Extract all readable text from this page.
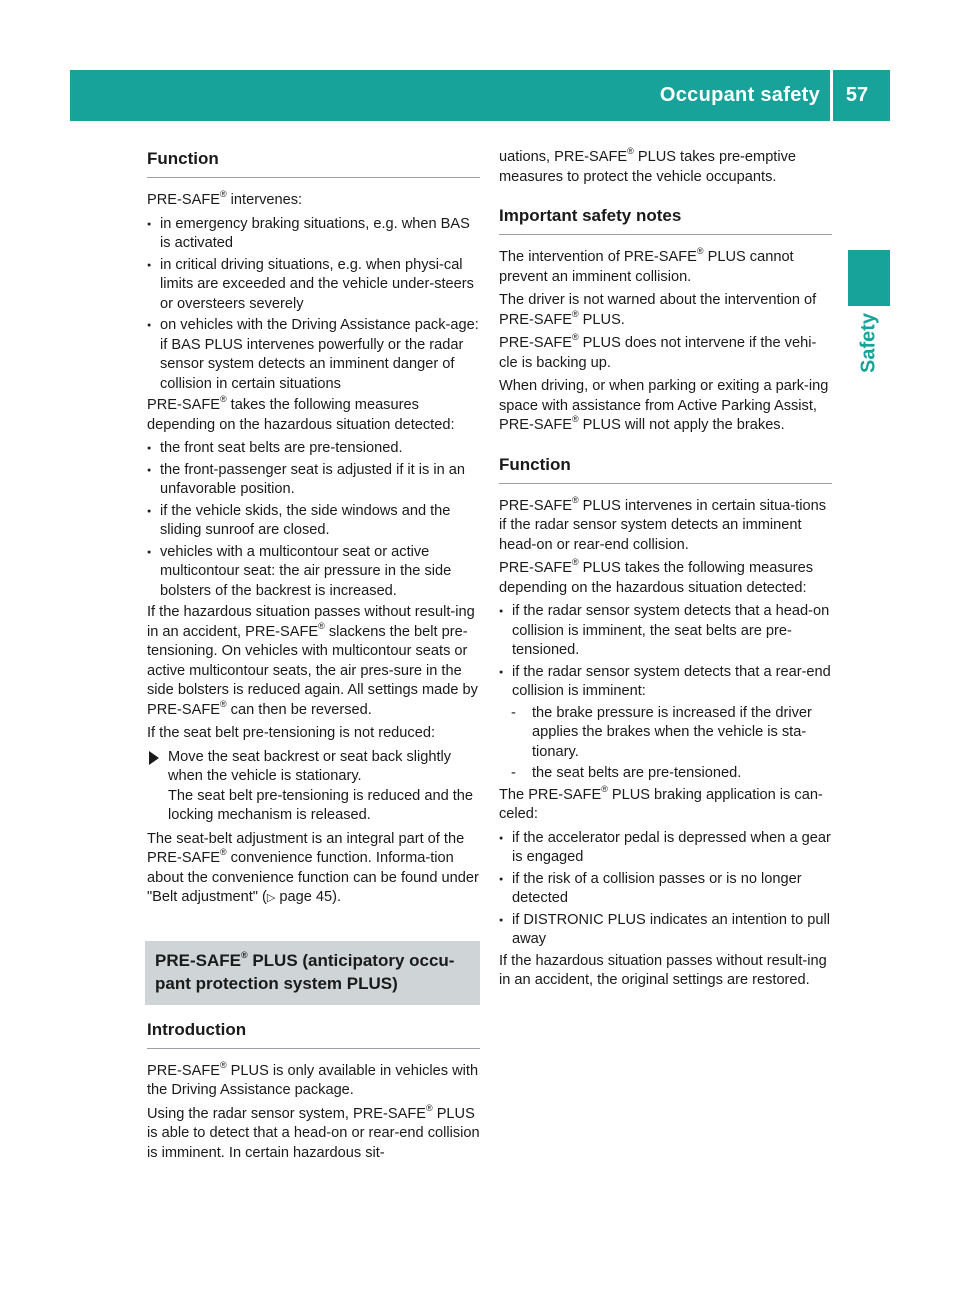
Occupant safety	57
Safety
Function

PRE-SAFE® intervenes:

● in emergency braking situations, e.g. when BAS is activated
● in critical driving situations, e.g. when physi-cal limits are exceeded and the vehicle under-steers or oversteers severely
● on vehicles with the Driving Assistance pack-age: if BAS PLUS intervenes powerfully or the radar sensor system detects an imminent danger of collision in certain situations

PRE-SAFE® takes the following measures depending on the hazardous situation detected:

● the front seat belts are pre-tensioned.
● the front-passenger seat is adjusted if it is in an unfavorable position.
● if the vehicle skids, the side windows and the sliding sunroof are closed.
● vehicles with a multicontour seat or active multicontour seat: the air pressure in the side bolsters of the backrest is increased.

If the hazardous situation passes without result-ing in an accident, PRE-SAFE® slackens the belt pre-tensioning. On vehicles with multicontour seats or active multicontour seats, the air pres-sure in the side bolsters is reduced again. All settings made by PRE-SAFE® can then be reversed.

If the seat belt pre-tensioning is not reduced:

Move the seat backrest or seat back slightly when the vehicle is stationary.
The seat belt pre-tensioning is reduced and the locking mechanism is released.

The seat-belt adjustment is an integral part of the PRE-SAFE® convenience function. Informa-tion about the convenience function can be found under "Belt adjustment" (▷ page 45).

PRE-SAFE® PLUS (anticipatory occu-pant protection system PLUS)
Introduction

PRE-SAFE® PLUS is only available in vehicles with the Driving Assistance package.

Using the radar sensor system, PRE-SAFE® PLUS is able to detect that a head-on or rear-end collision is imminent. In certain hazardous sit-

uations, PRE-SAFE® PLUS takes pre-emptive measures to protect the vehicle occupants.

Important safety notes

The intervention of PRE-SAFE® PLUS cannot prevent an imminent collision.

The driver is not warned about the intervention of PRE-SAFE® PLUS.

PRE-SAFE® PLUS does not intervene if the vehi-cle is backing up.

When driving, or when parking or exiting a park-ing space with assistance from Active Parking Assist, PRE-SAFE® PLUS will not apply the brakes.

Function

PRE-SAFE® PLUS intervenes in certain situa-tions if the radar sensor system detects an imminent head-on or rear-end collision.

PRE-SAFE® PLUS takes the following measures depending on the hazardous situation detected:

● if the radar sensor system detects that a head-on collision is imminent, the seat belts are pre-tensioned.
● if the radar sensor system detects that a rear-end collision is imminent:
- the brake pressure is increased if the driver applies the brakes when the vehicle is sta-tionary.
- the seat belts are pre-tensioned.

The PRE-SAFE® PLUS braking application is can-celed:

● if the accelerator pedal is depressed when a gear is engaged
● if the risk of a collision passes or is no longer detected
● if DISTRONIC PLUS indicates an intention to pull away

If the hazardous situation passes without result-ing in an accident, the original settings are restored.
